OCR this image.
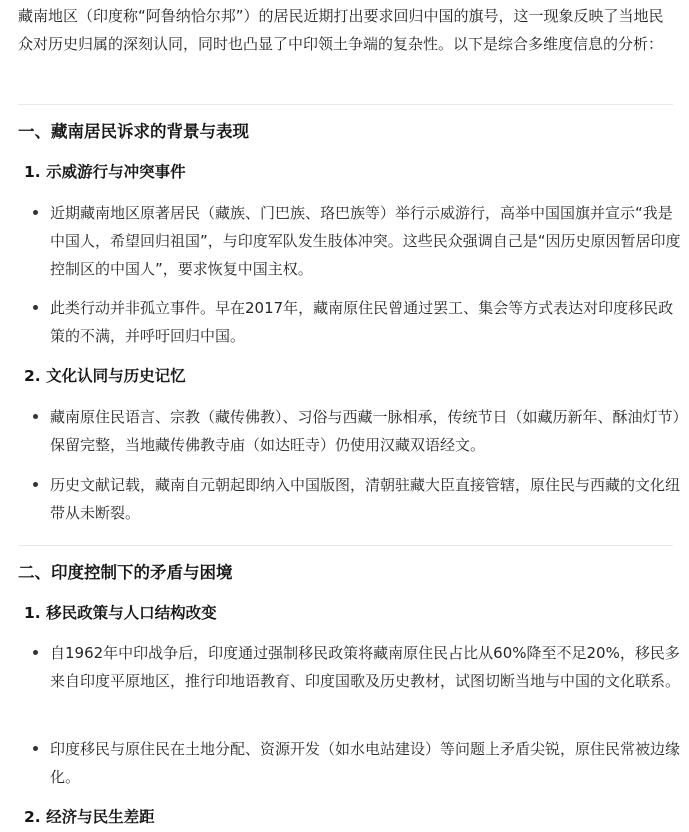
藏南地区（印度称“阿鲁纳恰尔邦”）的居民近期打出要求回归中国的旗号，这一现象反映了当地民众对历史归属的深刻认同，同时也凸显了中印领土争端的复杂性。以下是综合多维度信息的分析：

一、藏南居民诉求的背景与表现
1. 示威游行与冲突事件

近期藏南地区原著居民（藏族、门巴族、珞巴族等）举行示威游行，高举中国国旗并宣示“我是中国人，希望回归祖国”，与印度军队发生肢体冲突。这些民众强调自己是“因历史原因暂居印度控制区的中国人”，要求恢复中国主权。

此类行动并非孤立事件。早在2017年，藏南原住民曾通过罢工、集会等方式表达对印度移民政策的不满，并呼吁回归中国。

2. 文化认同与历史记忆

藏南原住民语言、宗教（藏传佛教）、习俗与西藏一脉相承，传统节日（如藏历新年、酥油灯节）保留完整，当地藏传佛教寺庙（如达旺寺）仍使用汉藏双语经文。

历史文献记载，藏南自元朝起即纳入中国版图，清朝驻藏大臣直接管辖，原住民与西藏的文化纽带从未断裂。

二、印度控制下的矛盾与困境
1. 移民政策与人口结构改变

自1962年中印战争后，印度通过强制移民政策将藏南原住民占比从60%降至不足20%，移民多来自印度平原地区，推行印地语教育、印度国歌及历史教材，试图切断当地与中国的文化联系。

印度移民与原住民在土地分配、资源开发（如水电站建设）等问题上矛盾尖锐，原住民常被边缘化。

2. 经济与民生差距
